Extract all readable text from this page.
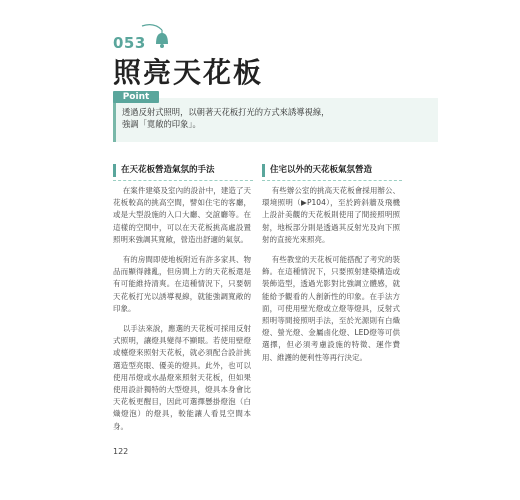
053
照亮天花板
Point
透過反射式照明，以朝著天花板打光的方式來誘導視線，
強調「寬敞的印象」。
在天花板營造氣氛的手法

在案件建築及室內的設計中，建造了天花板較高的挑高空間，譬如住宅的客廳，或是大型設施的入口大廳、交誼廳等。在這樣的空間中，可以在天花板挑高處設置照明來強調其寬敞，營造出舒適的氣氛。

有的房間即使地板附近有許多家具、物品而顯得雜亂，但房間上方的天花板還是有可能維持清爽。在這種情況下，只要朝天花板打光以誘導視線，就能強調寬敞的印象。

以手法來說，應選的天花板可採用反射式照明，讓燈具變得不顯眼。若使用壁燈或檯燈來照射天花板，就必須配合設計挑選造型亮眼、優美的燈具。此外，也可以使用吊燈或水晶燈來照射天花板，但如果使用設計獨特的大型燈具，燈具本身會比天花板更醒目，因此可選擇懸掛燈泡（白熾燈泡）的燈具，較能讓人看見空間本身。

住宅以外的天花板氣氛營造

有些辦公室的挑高天花板會採用辦公、環境照明（▶P104），至於跨斜牆及飛機上設計美觀的天花板則使用了間接照明照射，地板部分則是透過其反射光及向下照射的直接光來照亮。

有些教堂的天花板可能搭配了考究的裝飾。在這種情況下，只要照射建築構造或裝飾造型，透過光影對比強調立體感，就能給予觀看的人創新性的印象。在手法方面，可使用壁光燈或立燈等燈具，反射式照明等間接照明手法，至於光源則有白熾燈、螢光燈、金屬鹵化燈、LED燈等可供選擇，但必須考慮設施的特徵、運作費用、維護的便利性等再行決定。

122
